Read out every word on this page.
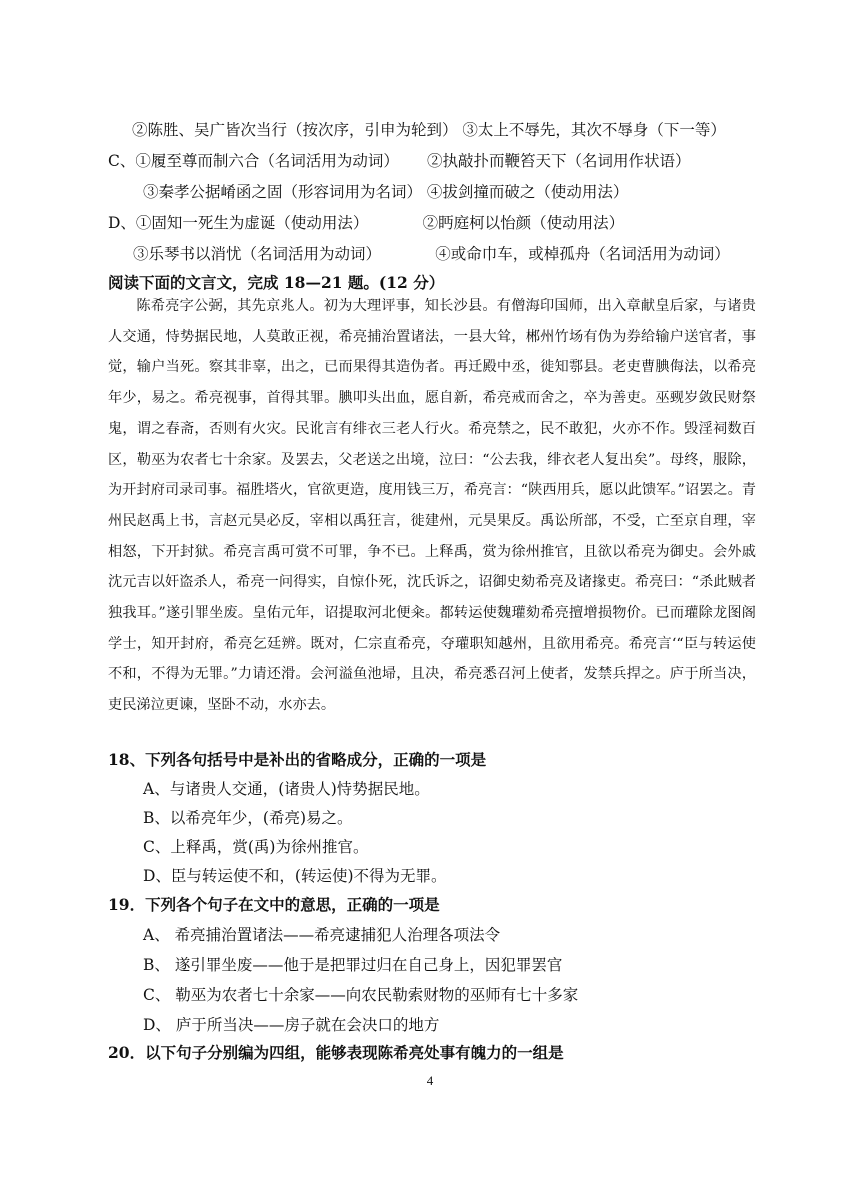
②陈胜、吴广皆次当行（按次序，引申为轮到） ③太上不辱先，其次不辱身（下一等）
C、①履至尊而制六合（名词活用为动词）　　 ②执敲扑而鞭笞天下（名词用作状语）
③秦孝公据崤函之固（形容词用为名词） ④拔剑撞而破之（使动用法）
D、①固知一死生为虚诞（使动用法）　　　　②眄庭柯以怡颜（使动用法）
③乐琴书以消忧（名词活用为动词）　　　　④或命巾车，或棹孤舟（名词活用为动词）
阅读下面的文言文，完成 18—21 题。(12 分）

陈希亮字公弼，其先京兆人。初为大理评事，知长沙县。有僧海印国师，出入章献皇后家，与诸贵人交通，恃势据民地，人莫敢正视，希亮捕治置诸法，一县大耸，郴州竹场有伪为券给输户送官者，事觉，输户当死。察其非辜，出之，已而果得其造伪者。再迁殿中丞，徙知鄠县。老吏曹腆侮法，以希亮年少，易之。希亮视事，首得其罪。腆叩头出血，愿自新，希亮戒而舍之，卒为善吏。巫觋岁敛民财祭鬼，谓之春斋，否则有火灾。民讹言有绯衣三老人行火。希亮禁之，民不敢犯，火亦不作。毁淫祠数百区，勒巫为农者七十余家。及罢去，父老送之出境，泣曰：“公去我，绯衣老人复出矣”。母终，服除，为开封府司录司事。福胜塔火，官欲更造，度用钱三万，希亮言：“陕西用兵，愿以此馈军。”诏罢之。青州民赵禹上书，言赵元昊必反，宰相以禹狂言，徙建州，元昊果反。禹讼所部，不受，亡至京自理，宰相怒，下开封狱。希亮言禹可赏不可罪，争不已。上释禹，赏为徐州推官，且欲以希亮为御史。会外戚沈元吉以奸盗杀人，希亮一问得实，自惊仆死，沈氏诉之，诏御史劾希亮及诸掾吏。希亮曰：“杀此贼者独我耳。”遂引罪坐废。皇佑元年，诏提取河北便籴。都转运使魏瓘劾希亮擅增损物价。已而瓘除龙图阁学士，知开封府，希亮乞廷辨。既对，仁宗直希亮，夺瓘职知越州，且欲用希亮。希亮言‘“臣与转运使不和，不得为无罪。”力请还滑。会河溢鱼池埽，且决，希亮悉召河上使者，发禁兵捍之。庐于所当决，吏民涕泣更谏，坚卧不动，水亦去。

18、下列各句括号中是补出的省略成分，正确的一项是
A、与诸贵人交通，(诸贵人)恃势据民地。
B、以希亮年少，(希亮)易之。
C、上释禹，赏(禹)为徐州推官。
D、臣与转运使不和，(转运使)不得为无罪。
19．下列各个句子在文中的意思，正确的一项是
A、 希亮捕治置诸法——希亮逮捕犯人治理各项法令
B、 遂引罪坐废——他于是把罪过归在自己身上，因犯罪罢官
C、 勒巫为农者七十余家——向农民勒索财物的巫师有七十多家
D、 庐于所当决——房子就在会决口的地方
20．以下句子分别编为四组，能够表现陈希亮处事有魄力的一组是
4
